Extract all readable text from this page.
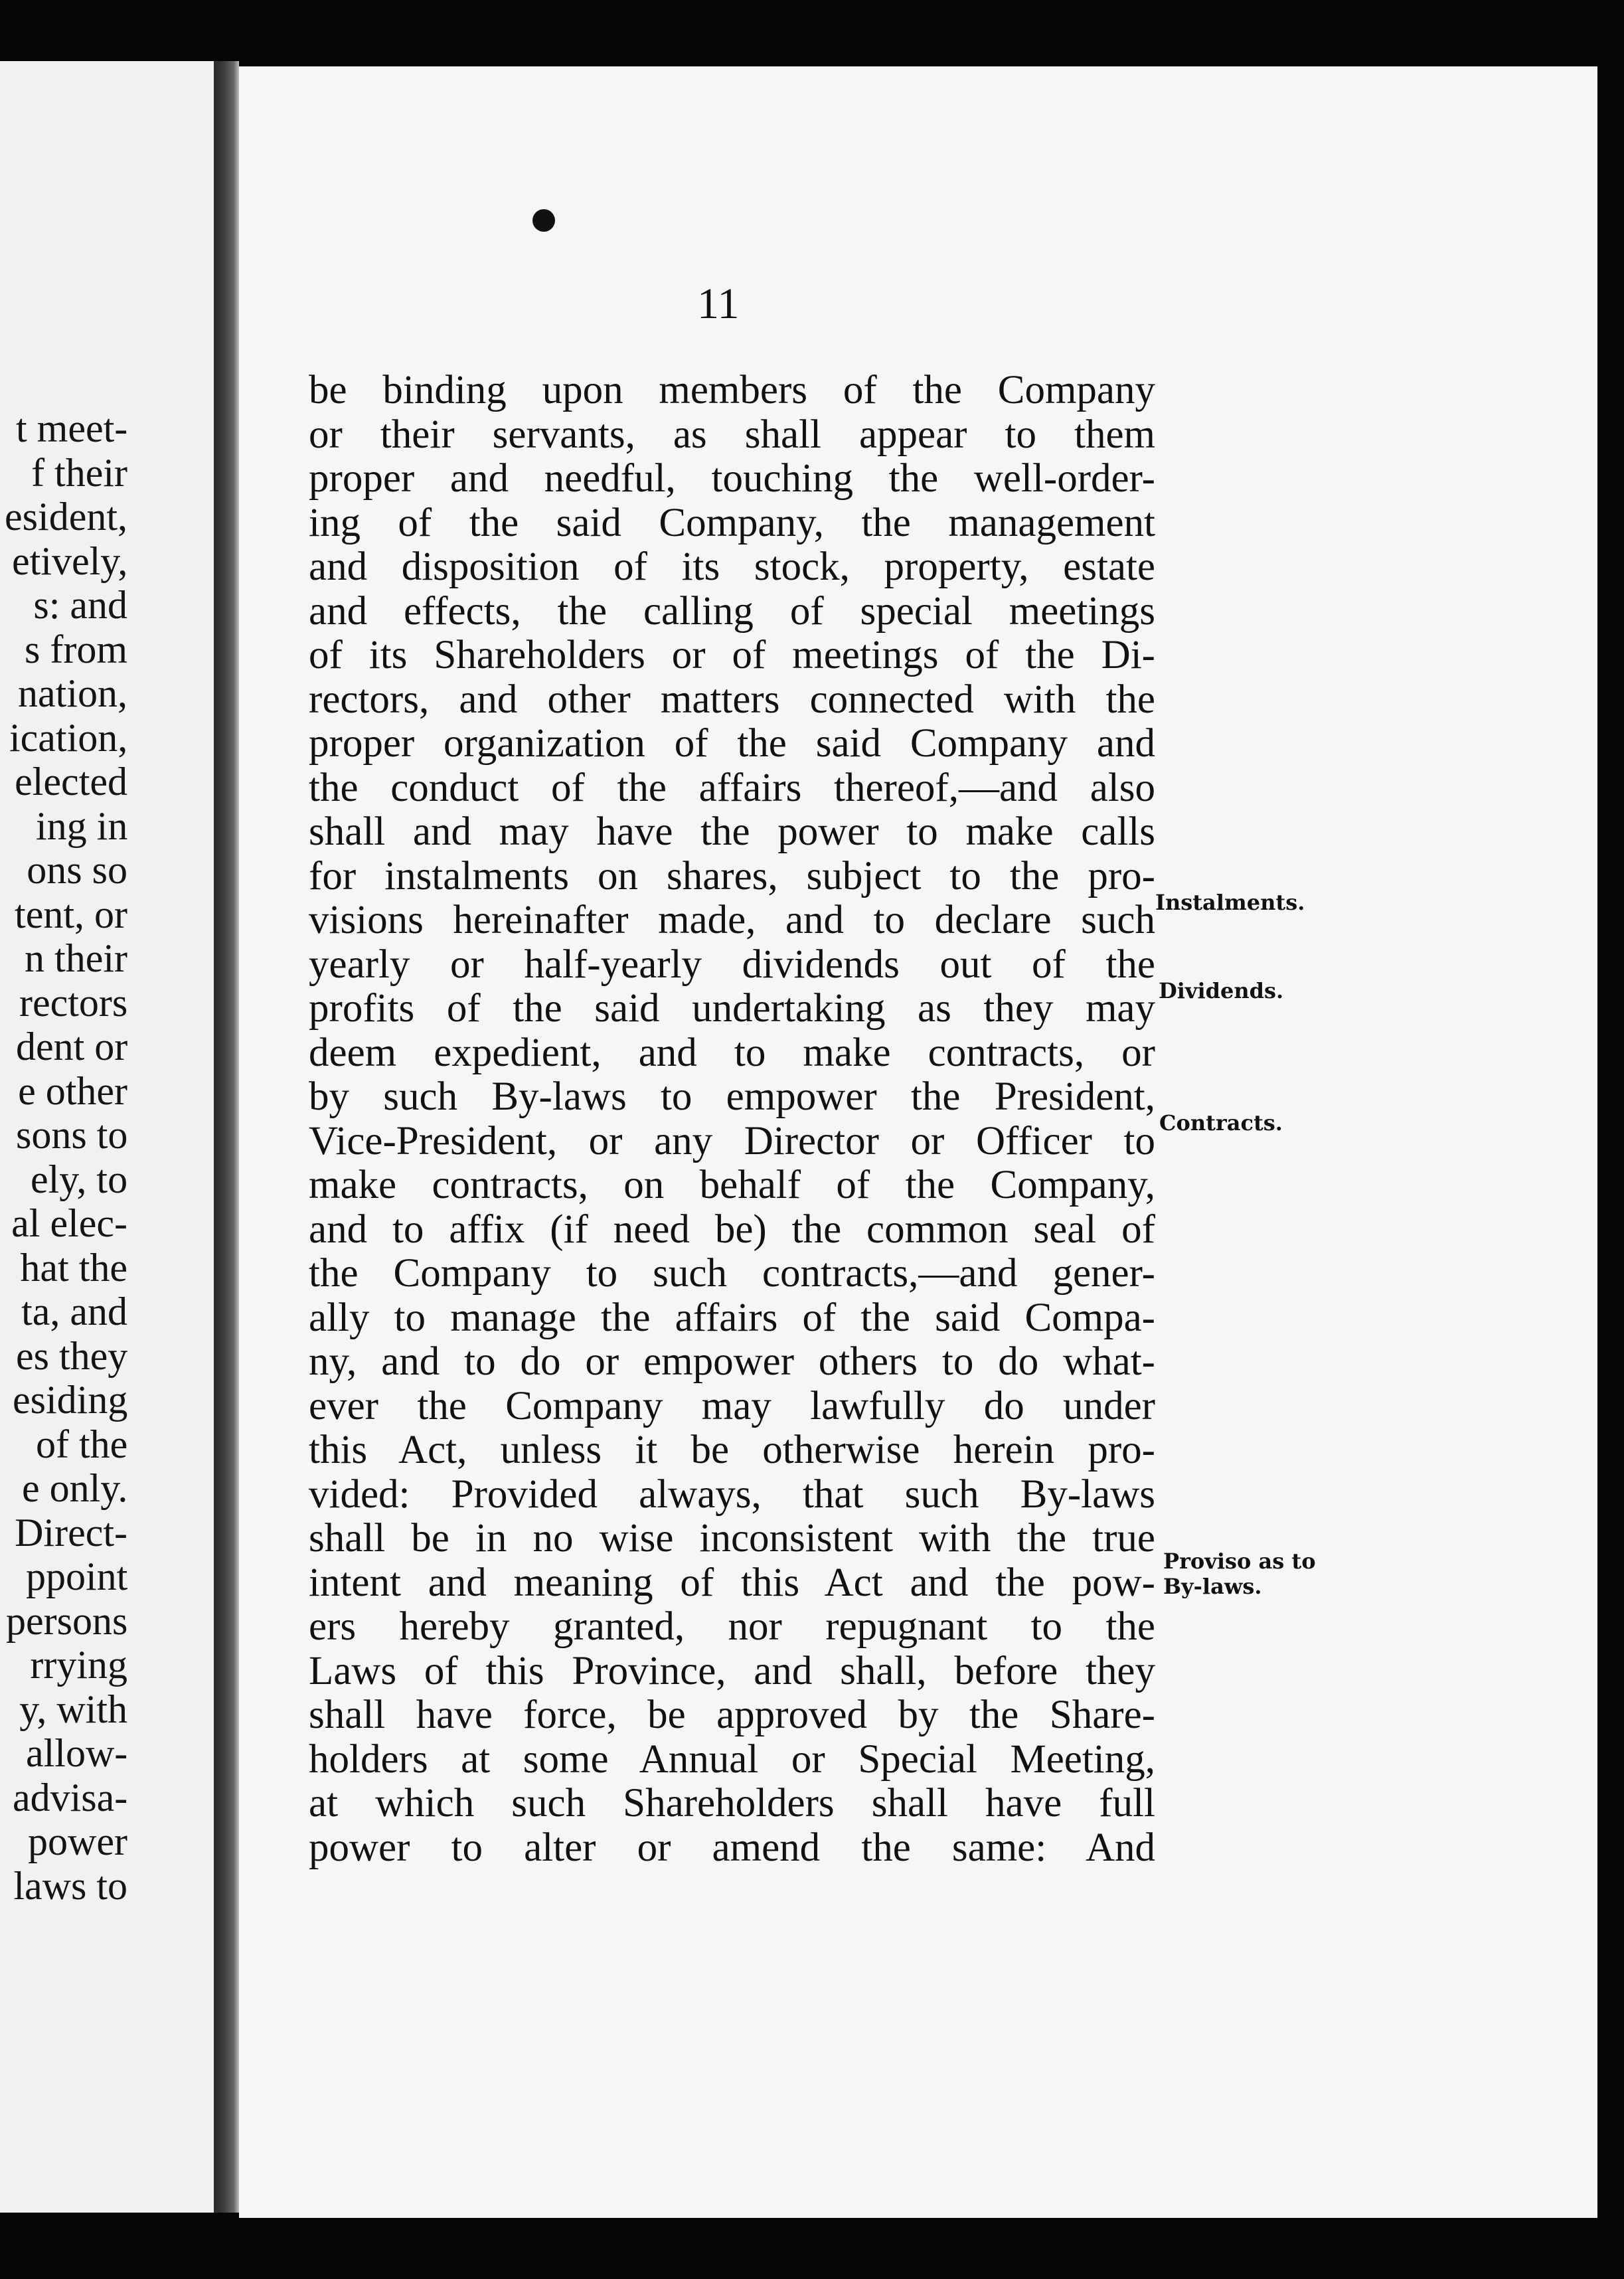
t meet-
f their
esident,
etively,
s: and
s from
nation,
ication,
elected
ing in
ons so
tent, or
n their
rectors
dent or
e other
sons to
ely, to
al elec-
hat the
ta, and
es they
esiding
of the
e only.
Direct-
ppoint
persons
rrying
y, with
allow-
advisa-
power
laws to
11
be binding upon members of the Company
or their servants, as shall appear to them
proper and needful, touching the well-order-
ing of the said Company, the management
and disposition of its stock, property, estate
and effects, the calling of special meetings
of its Shareholders or of meetings of the Di-
rectors, and other matters connected with the
proper organization of the said Company and
the conduct of the affairs thereof,—and also
shall and may have the power to make calls
for instalments on shares, subject to the pro-
visions hereinafter made, and to declare such
yearly or half-yearly dividends out of the
profits of the said undertaking as they may
deem expedient, and to make contracts, or
by such By-laws to empower the President,
Vice-President, or any Director or Officer to
make contracts, on behalf of the Company,
and to affix (if need be) the common seal of
the Company to such contracts,—and gener-
ally to manage the affairs of the said Compa-
ny, and to do or empower others to do what-
ever the Company may lawfully do under
this Act, unless it be otherwise herein pro-
vided: Provided always, that such By-laws
shall be in no wise inconsistent with the true
intent and meaning of this Act and the pow-
ers hereby granted, nor repugnant to the
Laws of this Province, and shall, before they
shall have force, be approved by the Share-
holders at some Annual or Special Meeting,
at which such Shareholders shall have full
power to alter or amend the same: And
Instalments.
Dividends.
Contracts.
Proviso as to
By-laws.
